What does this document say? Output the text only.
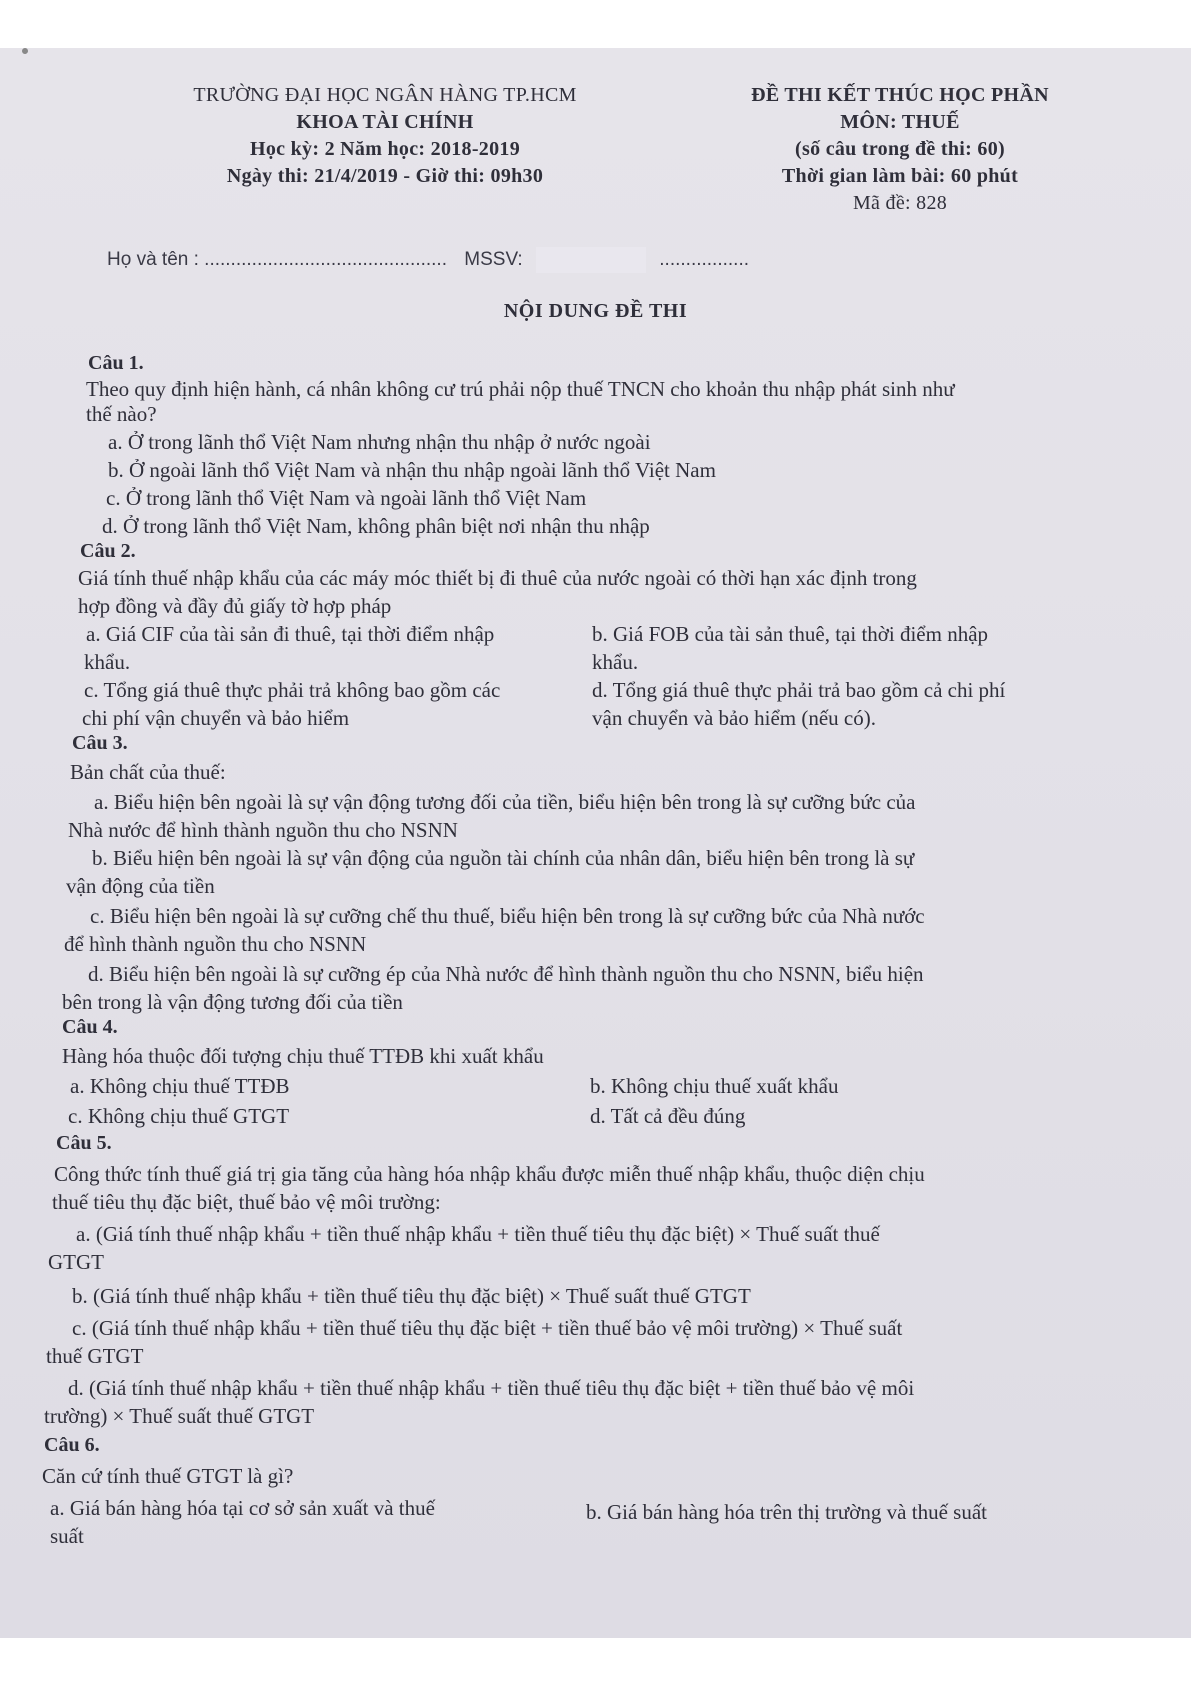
TRƯỜNG ĐẠI HỌC NGÂN HÀNG TP.HCM
KHOA TÀI CHÍNH
Học kỳ: 2 Năm học: 2018-2019
Ngày thi: 21/4/2019 - Giờ thi: 09h30
ĐỀ THI KẾT THÚC HỌC PHẦN
MÔN: THUẾ
(số câu trong đề thi: 60)
Thời gian làm bài: 60 phút
Mã đề: 828
Họ và tên : .............................................. MSSV:	.................
NỘI DUNG ĐỀ THI
Câu 1.
Theo quy định hiện hành, cá nhân không cư trú phải nộp thuế TNCN cho khoản thu nhập phát sinh như
thế nào?
a. Ở trong lãnh thổ Việt Nam nhưng nhận thu nhập ở nước ngoài
b. Ở ngoài lãnh thổ Việt Nam và nhận thu nhập ngoài lãnh thổ Việt Nam
c. Ở trong lãnh thổ Việt Nam và ngoài lãnh thổ Việt Nam
d. Ở trong lãnh thổ Việt Nam, không phân biệt nơi nhận thu nhập
Câu 2.
Giá tính thuế nhập khẩu của các máy móc thiết bị đi thuê của nước ngoài có thời hạn xác định trong
hợp đồng và đầy đủ giấy tờ hợp pháp
a. Giá CIF của tài sản đi thuê, tại thời điểm nhập
khẩu.
b. Giá FOB của tài sản thuê, tại thời điểm nhập
khẩu.
c. Tổng giá thuê thực phải trả không bao gồm các
chi phí vận chuyển và bảo hiểm
d. Tổng giá thuê thực phải trả bao gồm cả chi phí
vận chuyển và bảo hiểm (nếu có).
Câu 3.
Bản chất của thuế:
a. Biểu hiện bên ngoài là sự vận động tương đối của tiền, biểu hiện bên trong là sự cưỡng bức của
Nhà nước để hình thành nguồn thu cho NSNN
b. Biểu hiện bên ngoài là sự vận động của nguồn tài chính của nhân dân, biểu hiện bên trong là sự
vận động của tiền
c. Biểu hiện bên ngoài là sự cưỡng chế thu thuế, biểu hiện bên trong là sự cưỡng bức của Nhà nước
để hình thành nguồn thu cho NSNN
d. Biểu hiện bên ngoài là sự cưỡng ép của Nhà nước để hình thành nguồn thu cho NSNN, biểu hiện
bên trong là vận động tương đối của tiền
Câu 4.
Hàng hóa thuộc đối tượng chịu thuế TTĐB khi xuất khẩu
a. Không chịu thuế TTĐB	b. Không chịu thuế xuất khẩu
c. Không chịu thuế GTGT	d. Tất cả đều đúng
Câu 5.
Công thức tính thuế giá trị gia tăng của hàng hóa nhập khẩu được miễn thuế nhập khẩu, thuộc diện chịu
thuế tiêu thụ đặc biệt, thuế bảo vệ môi trường:
a. (Giá tính thuế nhập khẩu + tiền thuế nhập khẩu + tiền thuế tiêu thụ đặc biệt) × Thuế suất thuế
GTGT
b. (Giá tính thuế nhập khẩu + tiền thuế tiêu thụ đặc biệt) × Thuế suất thuế GTGT
c. (Giá tính thuế nhập khẩu + tiền thuế tiêu thụ đặc biệt + tiền thuế bảo vệ môi trường) × Thuế suất
thuế GTGT
d. (Giá tính thuế nhập khẩu + tiền thuế nhập khẩu + tiền thuế tiêu thụ đặc biệt + tiền thuế bảo vệ môi
trường) × Thuế suất thuế GTGT
Câu 6.
Căn cứ tính thuế GTGT là gì?
a. Giá bán hàng hóa tại cơ sở sản xuất và thuế
suất
b. Giá bán hàng hóa trên thị trường và thuế suất
